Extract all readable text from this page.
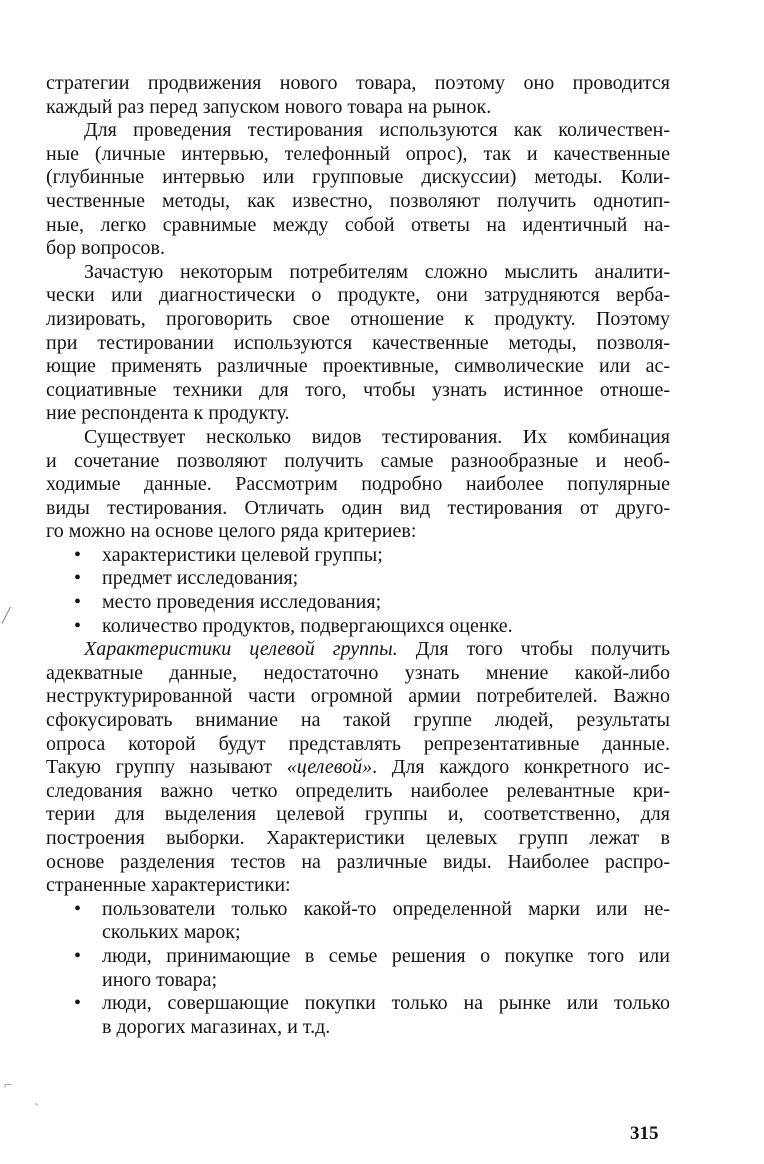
стратегии продвижения нового товара, поэтому оно проводится
каждый раз перед запуском нового товара на рынок.
Для проведения тестирования используются как количествен-
ные (личные интервью, телефонный опрос), так и качественные
(глубинные интервью или групповые дискуссии) методы. Коли-
чественные методы, как известно, позволяют получить однотип-
ные, легко сравнимые между собой ответы на идентичный на-
бор вопросов.
Зачастую некоторым потребителям сложно мыслить аналити-
чески или диагностически о продукте, они затрудняются верба-
лизировать, проговорить свое отношение к продукту. Поэтому
при тестировании используются качественные методы, позволя-
ющие применять различные проективные, символические или ас-
социативные техники для того, чтобы узнать истинное отноше-
ние респондента к продукту.
Существует несколько видов тестирования. Их комбинация
и сочетание позволяют получить самые разнообразные и необ-
ходимые данные. Рассмотрим подробно наиболее популярные
виды тестирования. Отличать один вид тестирования от друго-
го можно на основе целого ряда критериев:
• характеристики целевой группы;
• предмет исследования;
• место проведения исследования;
• количество продуктов, подвергающихся оценке.
Характеристики целевой группы. Для того чтобы получить
адекватные данные, недостаточно узнать мнение какой-либо
неструктурированной части огромной армии потребителей. Важно
сфокусировать внимание на такой группе людей, результаты
опроса которой будут представлять репрезентативные данные.
Такую группу называют «целевой». Для каждого конкретного ис-
следования важно четко определить наиболее релевантные кри-
терии для выделения целевой группы и, соответственно, для
построения выборки. Характеристики целевых групп лежат в
основе разделения тестов на различные виды. Наиболее распро-
страненные характеристики:
• пользователи только какой-то определенной марки или не-
скольких марок;
• люди, принимающие в семье решения о покупке того или
иного товара;
• люди, совершающие покупки только на рынке или только
в дорогих магазинах, и т.д.
315
╱
⌐
`
